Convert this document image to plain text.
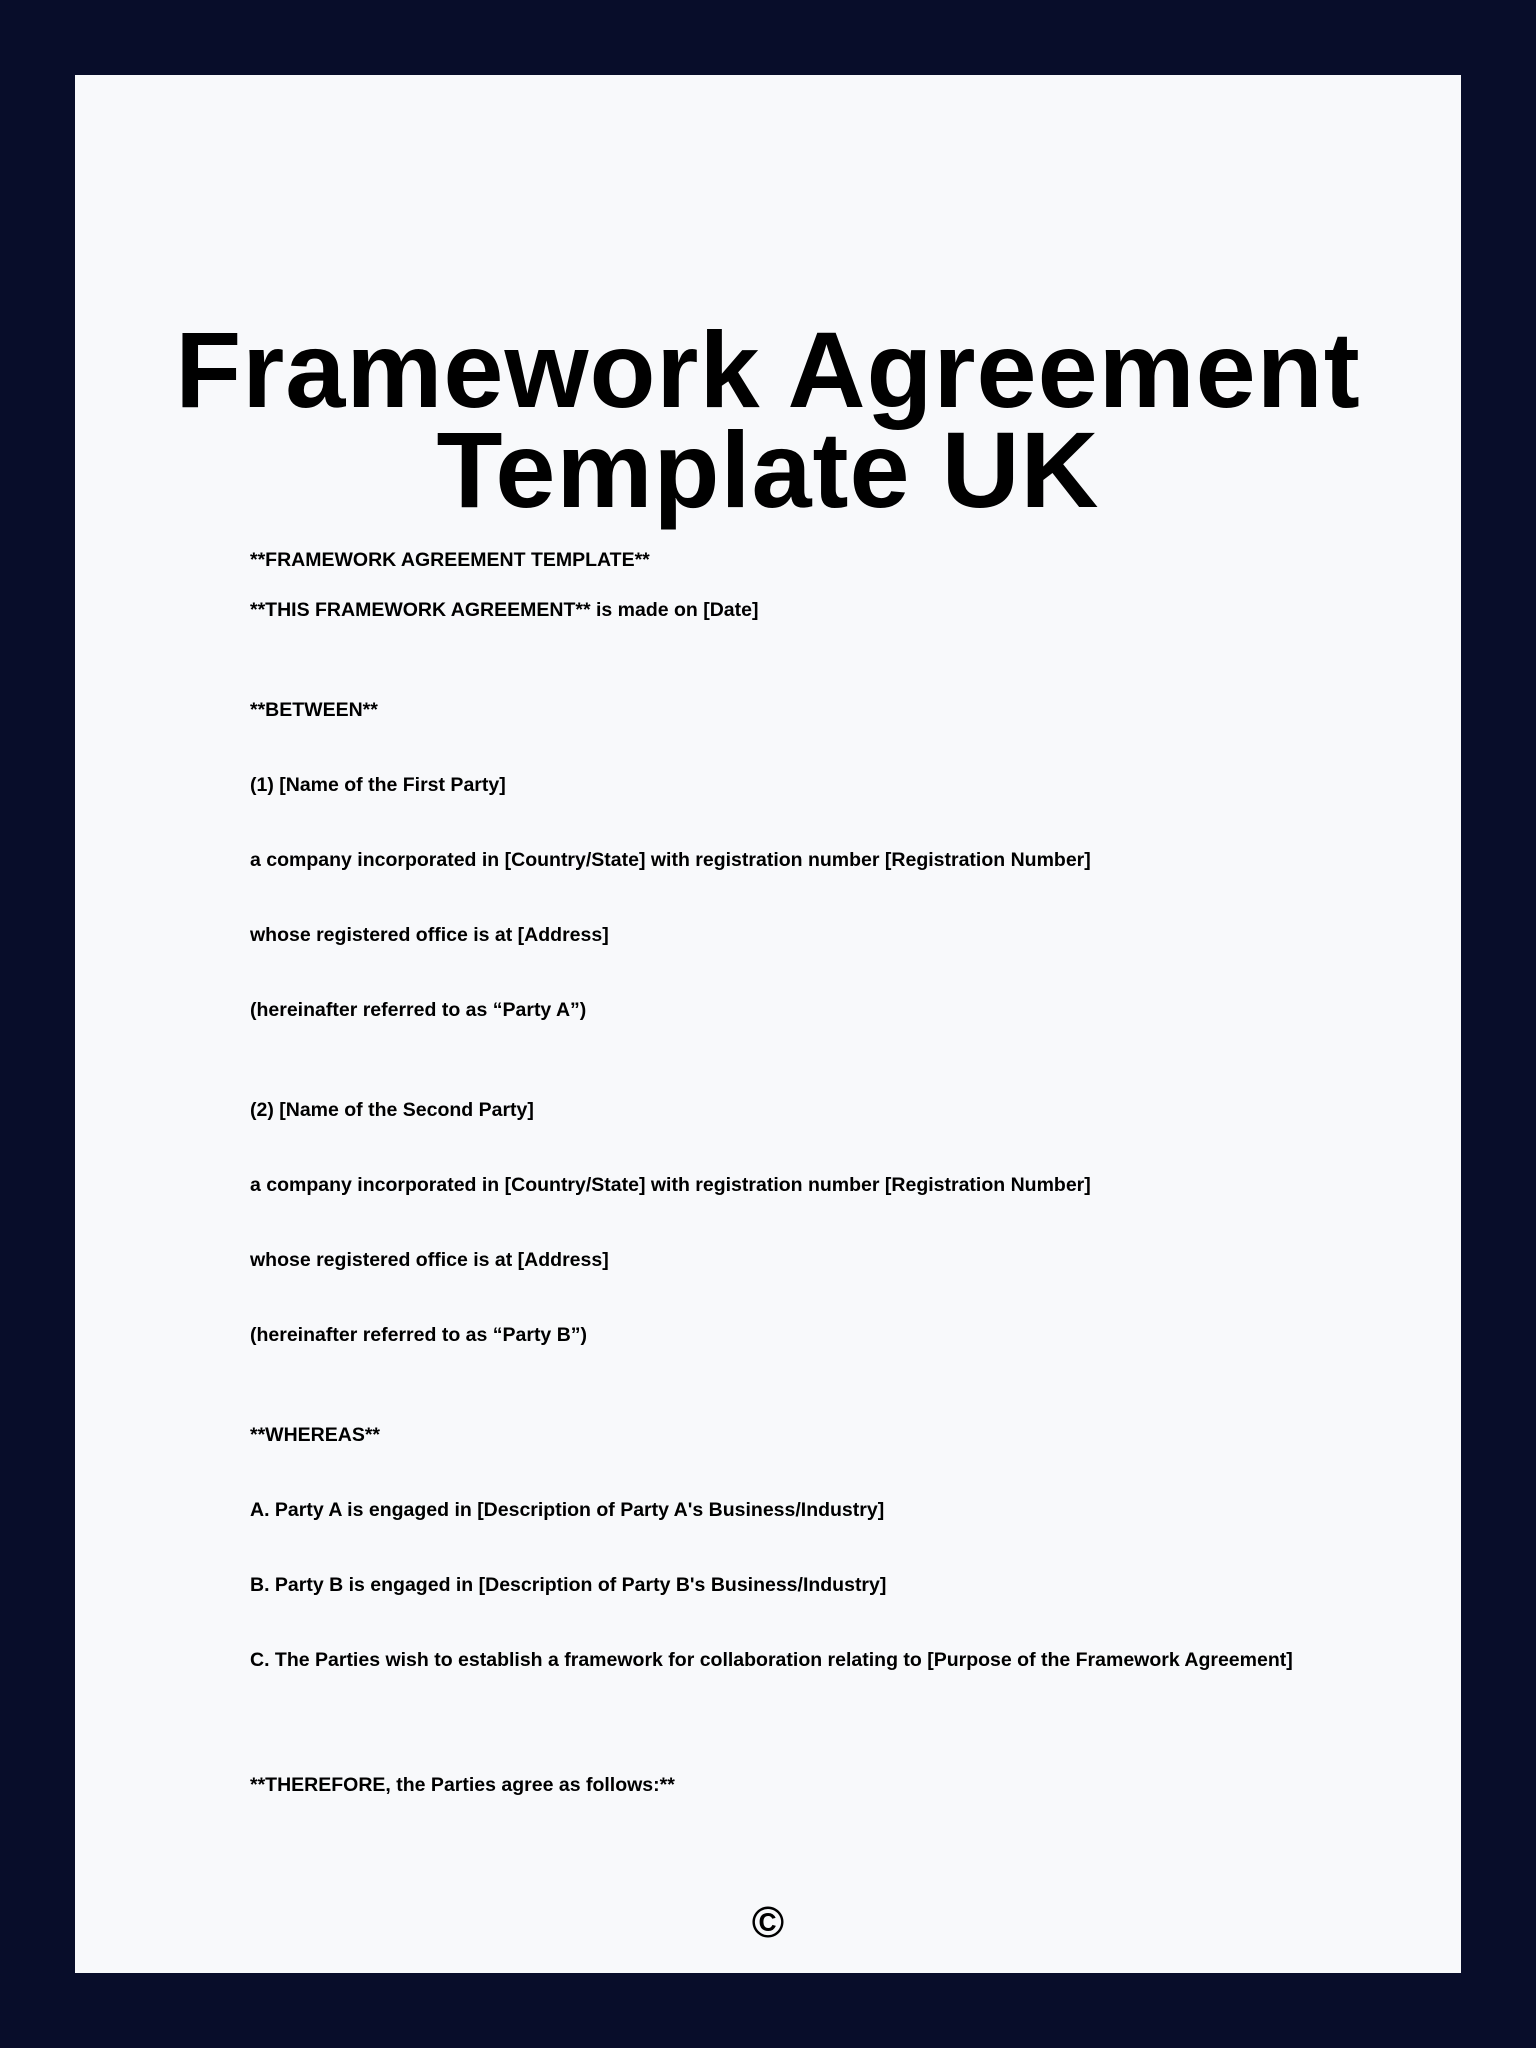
Framework Agreement
Template UK

**FRAMEWORK AGREEMENT TEMPLATE**

**THIS FRAMEWORK AGREEMENT** is made on [Date]

**BETWEEN**

(1) [Name of the First Party]

a company incorporated in [Country/State] with registration number [Registration Number]

whose registered office is at [Address]

(hereinafter referred to as “Party A”)

(2) [Name of the Second Party]

a company incorporated in [Country/State] with registration number [Registration Number]

whose registered office is at [Address]

(hereinafter referred to as “Party B”)

**WHEREAS**

A. Party A is engaged in [Description of Party A's Business/Industry]

B. Party B is engaged in [Description of Party B's Business/Industry]

C. The Parties wish to establish a framework for collaboration relating to [Purpose of the Framework Agreement]

**THEREFORE, the Parties agree as follows:**

©
